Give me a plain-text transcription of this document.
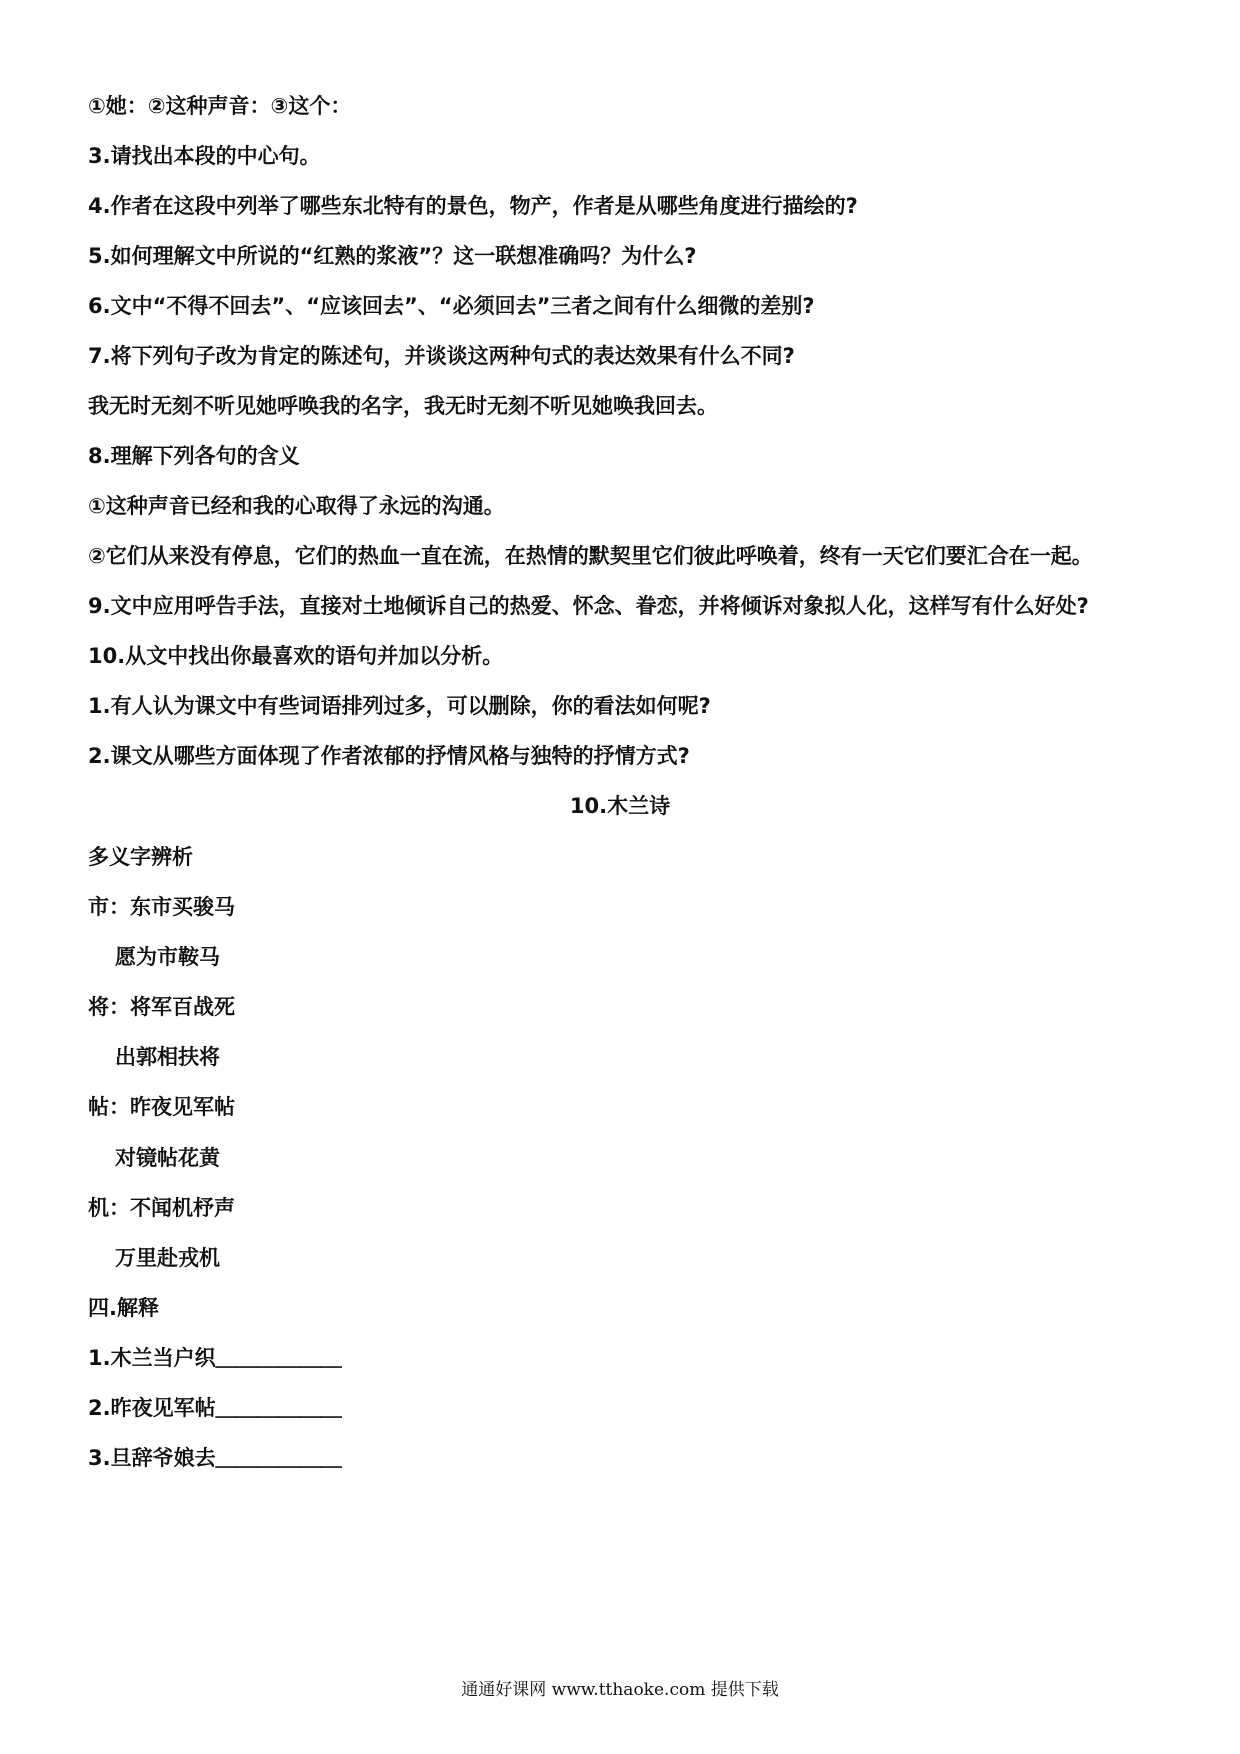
①她：②这种声音：③这个：

3.请找出本段的中心句。

4.作者在这段中列举了哪些东北特有的景色，物产，作者是从哪些角度进行描绘的?

5.如何理解文中所说的“红熟的浆液”？这一联想准确吗？为什么?

6.文中“不得不回去”、“应该回去”、“必须回去”三者之间有什么细微的差别?

7.将下列句子改为肯定的陈述句，并谈谈这两种句式的表达效果有什么不同?

我无时无刻不听见她呼唤我的名字，我无时无刻不听见她唤我回去。

8.理解下列各句的含义

①这种声音已经和我的心取得了永远的沟通。

②它们从来没有停息，它们的热血一直在流，在热情的默契里它们彼此呼唤着，终有一天它们要汇合在一起。

9.文中应用呼告手法，直接对土地倾诉自己的热爱、怀念、眷恋，并将倾诉对象拟人化，这样写有什么好处?

10.从文中找出你最喜欢的语句并加以分析。

1.有人认为课文中有些词语排列过多，可以删除，你的看法如何呢?

2.课文从哪些方面体现了作者浓郁的抒情风格与独特的抒情方式?

10.木兰诗

多义字辨析

市：东市买骏马

愿为市鞍马

将：将军百战死

出郭相扶将

帖：昨夜见军帖

对镜帖花黄

机：不闻机杼声

万里赴戎机

四.解释

1.木兰当户织＿＿＿＿＿＿

2.昨夜见军帖＿＿＿＿＿＿

3.旦辞爷娘去＿＿＿＿＿＿

通通好课网 www.tthaoke.com 提供下载
